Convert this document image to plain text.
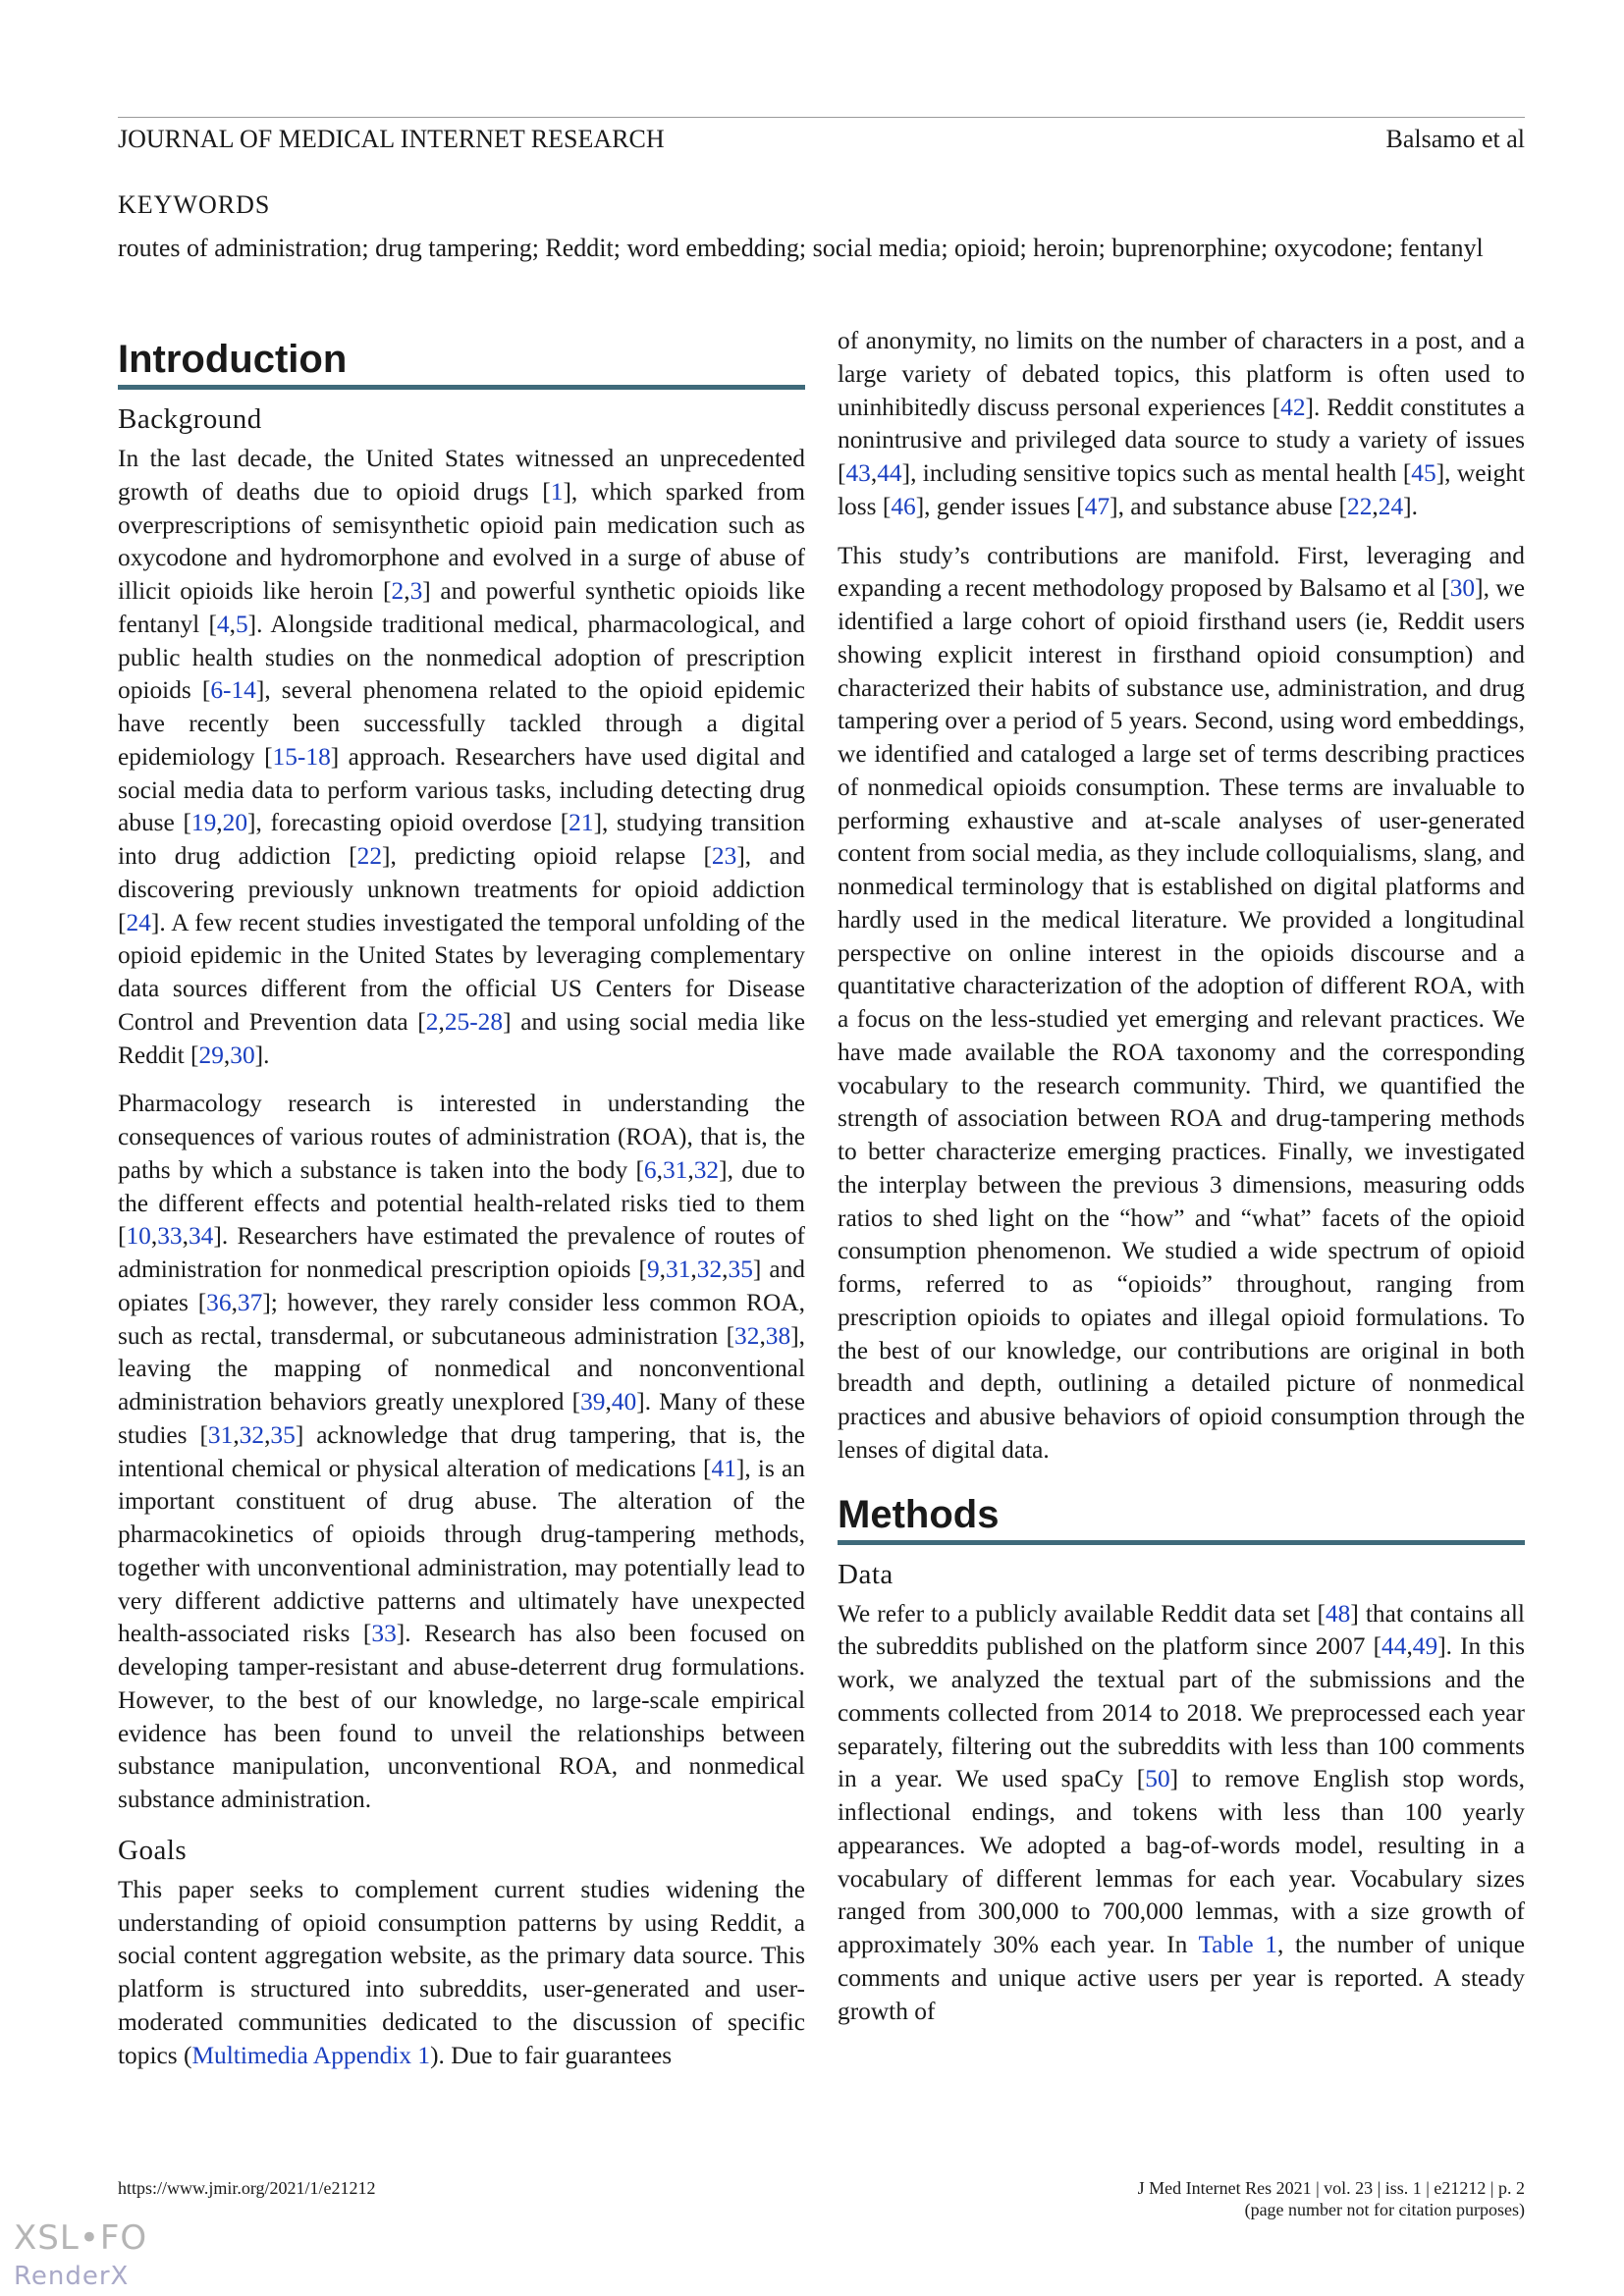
JOURNAL OF MEDICAL INTERNET RESEARCH	Balsamo et al
KEYWORDS
routes of administration; drug tampering; Reddit; word embedding; social media; opioid; heroin; buprenorphine; oxycodone; fentanyl
Introduction
Background

In the last decade, the United States witnessed an unprecedented growth of deaths due to opioid drugs [1], which sparked from overprescriptions of semisynthetic opioid pain medication such as oxycodone and hydromorphone and evolved in a surge of abuse of illicit opioids like heroin [2,3] and powerful synthetic opioids like fentanyl [4,5]. Alongside traditional medical, pharmacological, and public health studies on the nonmedical adoption of prescription opioids [6-14], several phenomena related to the opioid epidemic have recently been successfully tackled through a digital epidemiology [15-18] approach. Researchers have used digital and social media data to perform various tasks, including detecting drug abuse [19,20], forecasting opioid overdose [21], studying transition into drug addiction [22], predicting opioid relapse [23], and discovering previously unknown treatments for opioid addiction [24]. A few recent studies investigated the temporal unfolding of the opioid epidemic in the United States by leveraging complementary data sources different from the official US Centers for Disease Control and Prevention data [2,25-28] and using social media like Reddit [29,30].

Pharmacology research is interested in understanding the consequences of various routes of administration (ROA), that is, the paths by which a substance is taken into the body [6,31,32], due to the different effects and potential health-related risks tied to them [10,33,34]. Researchers have estimated the prevalence of routes of administration for nonmedical prescription opioids [9,31,32,35] and opiates [36,37]; however, they rarely consider less common ROA, such as rectal, transdermal, or subcutaneous administration [32,38], leaving the mapping of nonmedical and nonconventional administration behaviors greatly unexplored [39,40]. Many of these studies [31,32,35] acknowledge that drug tampering, that is, the intentional chemical or physical alteration of medications [41], is an important constituent of drug abuse. The alteration of the pharmacokinetics of opioids through drug-tampering methods, together with unconventional administration, may potentially lead to very different addictive patterns and ultimately have unexpected health-associated risks [33]. Research has also been focused on developing tamper-resistant and abuse-deterrent drug formulations. However, to the best of our knowledge, no large-scale empirical evidence has been found to unveil the relationships between substance manipulation, unconventional ROA, and nonmedical substance administration.

Goals

This paper seeks to complement current studies widening the understanding of opioid consumption patterns by using Reddit, a social content aggregation website, as the primary data source. This platform is structured into subreddits, user-generated and user-moderated communities dedicated to the discussion of specific topics (Multimedia Appendix 1). Due to fair guarantees

of anonymity, no limits on the number of characters in a post, and a large variety of debated topics, this platform is often used to uninhibitedly discuss personal experiences [42]. Reddit constitutes a nonintrusive and privileged data source to study a variety of issues [43,44], including sensitive topics such as mental health [45], weight loss [46], gender issues [47], and substance abuse [22,24].

This study’s contributions are manifold. First, leveraging and expanding a recent methodology proposed by Balsamo et al [30], we identified a large cohort of opioid firsthand users (ie, Reddit users showing explicit interest in firsthand opioid consumption) and characterized their habits of substance use, administration, and drug tampering over a period of 5 years. Second, using word embeddings, we identified and cataloged a large set of terms describing practices of nonmedical opioids consumption. These terms are invaluable to performing exhaustive and at-scale analyses of user-generated content from social media, as they include colloquialisms, slang, and nonmedical terminology that is established on digital platforms and hardly used in the medical literature. We provided a longitudinal perspective on online interest in the opioids discourse and a quantitative characterization of the adoption of different ROA, with a focus on the less-studied yet emerging and relevant practices. We have made available the ROA taxonomy and the corresponding vocabulary to the research community. Third, we quantified the strength of association between ROA and drug-tampering methods to better characterize emerging practices. Finally, we investigated the interplay between the previous 3 dimensions, measuring odds ratios to shed light on the “how” and “what” facets of the opioid consumption phenomenon. We studied a wide spectrum of opioid forms, referred to as “opioids” throughout, ranging from prescription opioids to opiates and illegal opioid formulations. To the best of our knowledge, our contributions are original in both breadth and depth, outlining a detailed picture of nonmedical practices and abusive behaviors of opioid consumption through the lenses of digital data.

Methods
Data

We refer to a publicly available Reddit data set [48] that contains all the subreddits published on the platform since 2007 [44,49]. In this work, we analyzed the textual part of the submissions and the comments collected from 2014 to 2018. We preprocessed each year separately, filtering out the subreddits with less than 100 comments in a year. We used spaCy [50] to remove English stop words, inflectional endings, and tokens with less than 100 yearly appearances. We adopted a bag-of-words model, resulting in a vocabulary of different lemmas for each year. Vocabulary sizes ranged from 300,000 to 700,000 lemmas, with a size growth of approximately 30% each year. In Table 1, the number of unique comments and unique active users per year is reported. A steady growth of

https://www.jmir.org/2021/1/e21212	J Med Internet Res 2021 | vol. 23 | iss. 1 | e21212 | p. 2
(page number not for citation purposes)
XSL•FO
RenderX
